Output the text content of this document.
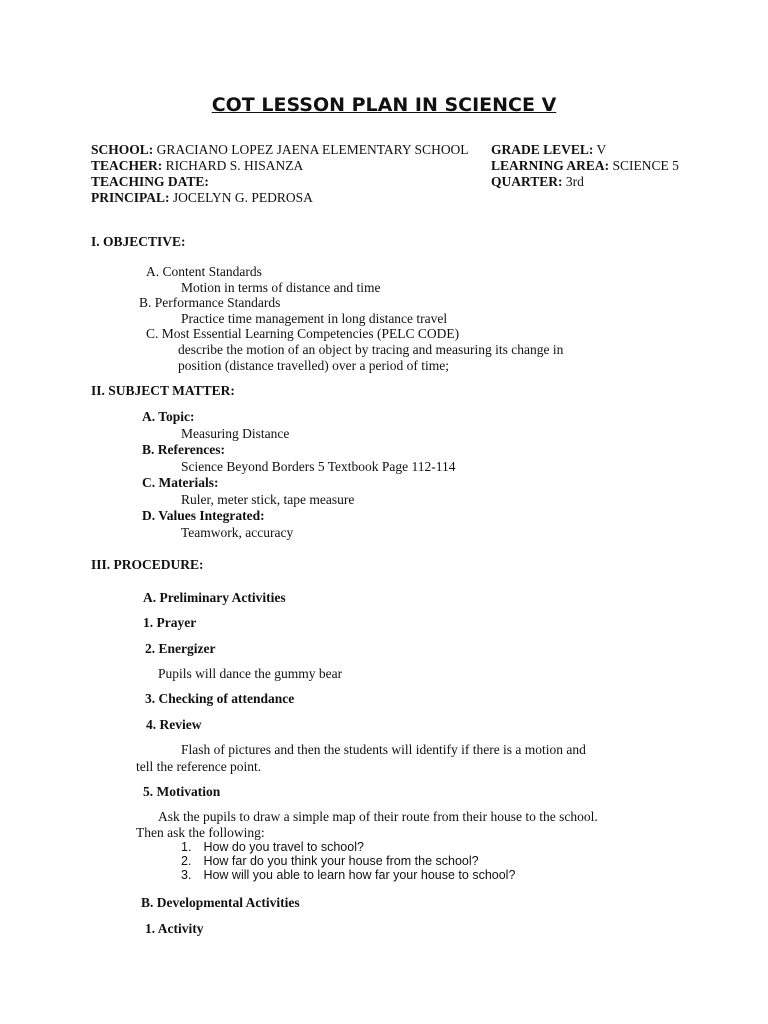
COT LESSON PLAN IN SCIENCE V
SCHOOL: GRACIANO LOPEZ JAENA ELEMENTARY SCHOOL
TEACHER: RICHARD S. HISANZA
TEACHING DATE:
PRINCIPAL: JOCELYN G. PEDROSA
GRADE LEVEL: V
LEARNING AREA: SCIENCE 5
QUARTER: 3rd
I. OBJECTIVE:
A. Content Standards
Motion in terms of distance and time
B. Performance Standards
Practice time management in long distance travel
C. Most Essential Learning Competencies (PELC CODE)
describe the motion of an object by tracing and measuring its change in
position (distance travelled) over a period of time;
II. SUBJECT MATTER:
A. Topic:
Measuring Distance
B. References:
Science Beyond Borders 5 Textbook Page 112-114
C. Materials:
Ruler, meter stick, tape measure
D. Values Integrated:
Teamwork, accuracy
III. PROCEDURE:
A. Preliminary Activities
1. Prayer
2. Energizer
Pupils will dance the gummy bear
3. Checking of attendance
4. Review
Flash of pictures and then the students will identify if there is a motion and
tell the reference point.
5. Motivation
Ask the pupils to draw a simple map of their route from their house to the school.
Then ask the following:
1. How do you travel to school?
2. How far do you think your house from the school?
3. How will you able to learn how far your house to school?
B. Developmental Activities
1. Activity
